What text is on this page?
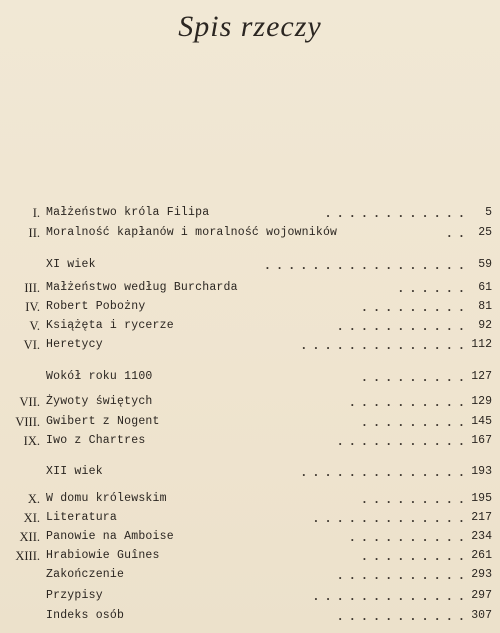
Spis rzeczy
I. Małżeństwo króla Filipa	............ 5
II. Moralność kapłanów i moralność wojowników	.. 25
XI wiek	................. 59
III. Małżeństwo według Burcharda	...... 61
IV. Robert Pobożny	......... 81
V. Książęta i rycerze	........... 92
VI. Heretycy	.............. 112
Wokół roku 1100	......... 127
VII. Żywoty świętych	.......... 129
VIII. Gwibert z Nogent	......... 145
IX. Iwo z Chartres	........... 167
XII wiek	.............. 193
X. W domu królewskim	......... 195
XI. Literatura	............. 217
XII. Panowie na Amboise	.......... 234
XIII. Hrabiowie Guînes	......... 261
Zakończenie	........... 293
Przypisy	............. 297
Indeks osób	........... 307
